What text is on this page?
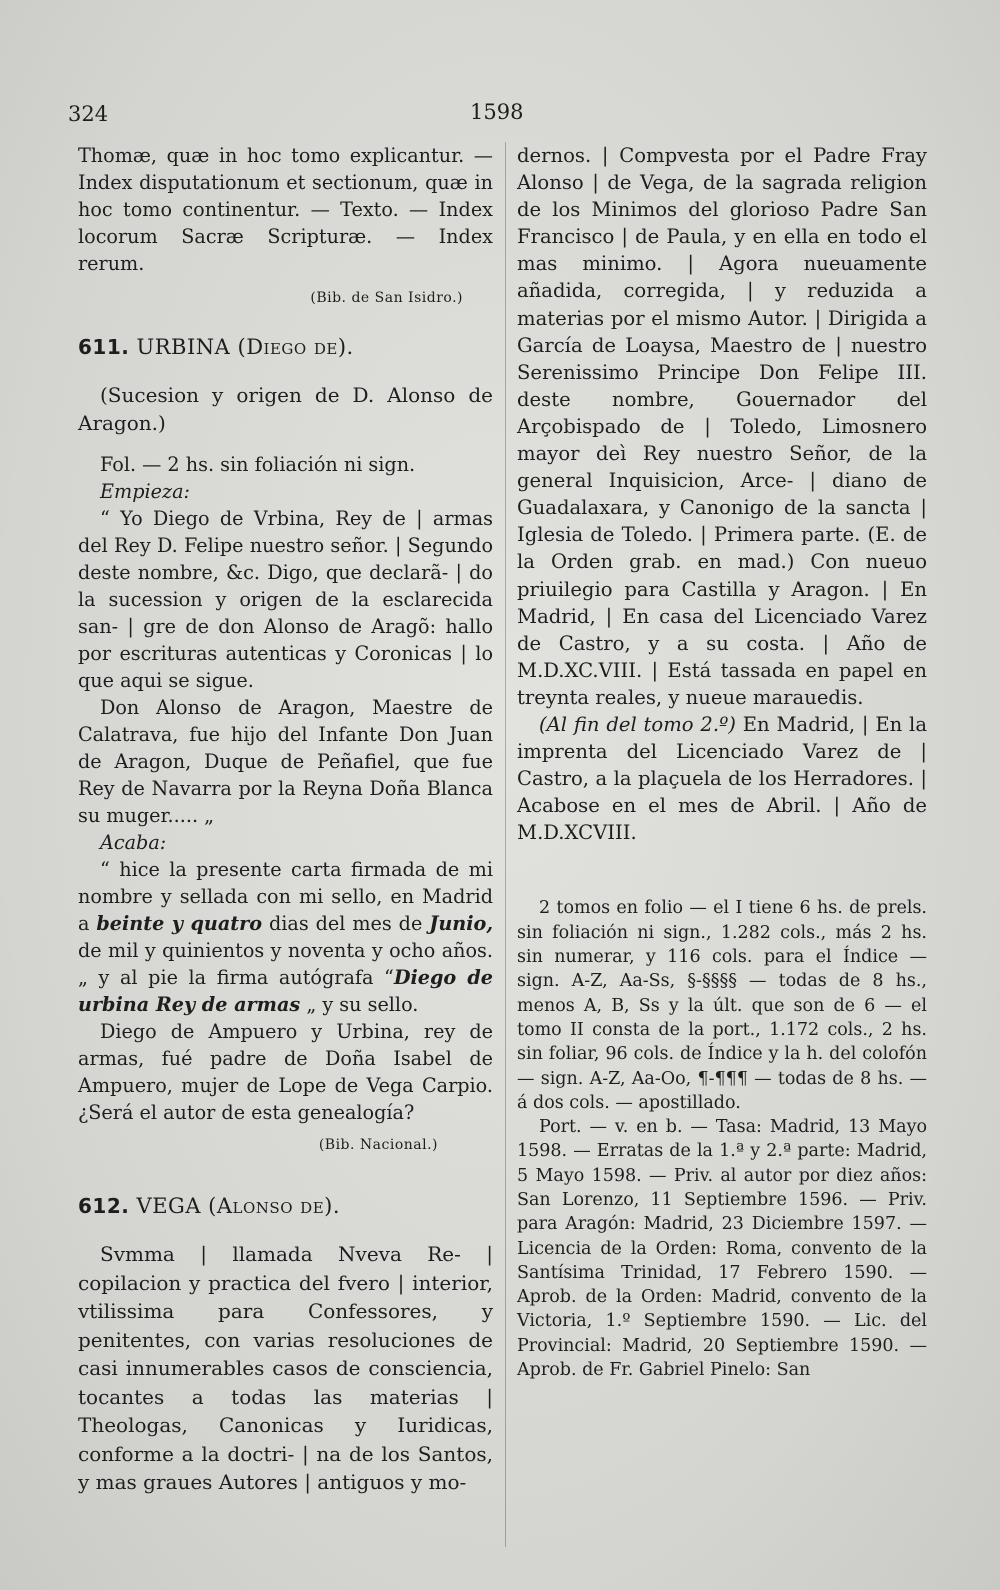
324	1598

Thomæ, quæ in hoc tomo explicantur. — Index disputationum et sectionum, quæ in hoc tomo continentur. — Texto. — Index locorum Sacræ Scripturæ. — Index rerum.

(Bib. de San Isidro.)

611. URBINA (Diego de).

(Sucesion y origen de D. Alonso de Aragon.)

Fol. — 2 hs. sin foliación ni sign.

Empieza:

“ Yo Diego de Vrbina, Rey de | armas del Rey D. Felipe nuestro señor. | Segundo deste nombre, &c. Digo, que declarã- | do la sucession y origen de la esclarecida san- | gre de don Alonso de Aragõ: hallo por escrituras autenticas y Coronicas | lo que aqui se sigue.

Don Alonso de Aragon, Maestre de Calatrava, fue hijo del Infante Don Juan de Aragon, Duque de Peñafiel, que fue Rey de Navarra por la Reyna Doña Blanca su muger..... „

Acaba:

“ hice la presente carta firmada de mi nombre y sellada con mi sello, en Madrid a beinte y quatro dias del mes de Junio, de mil y quinientos y noventa y ocho años. „ y al pie la firma autógrafa “Diego de urbina Rey de armas „ y su sello.

Diego de Ampuero y Urbina, rey de armas, fué padre de Doña Isabel de Ampuero, mujer de Lope de Vega Carpio. ¿Será el autor de esta genealogía?

(Bib. Nacional.)

612. VEGA (Alonso de).

Svmma | llamada Nveva Re- | copilacion y practica del fvero | interior, vtilissima para Confessores, y penitentes, con varias resoluciones de casi innumerables casos de consciencia, tocantes a todas las materias | Theologas, Canonicas y Iuridicas, conforme a la doctri- | na de los Santos, y mas graues Autores | antiguos y mo-

dernos. | Compvesta por el Padre Fray Alonso | de Vega, de la sagrada religion de los Minimos del glorioso Padre San Francisco | de Paula, y en ella en todo el mas minimo. | Agora nueuamente añadida, corregida, | y reduzida a materias por el mismo Autor. | Dirigida a García de Loaysa, Maestro de | nuestro Serenissimo Principe Don Felipe III. deste nombre, Gouernador del Arçobispado de | Toledo, Limosnero mayor deì Rey nuestro Señor, de la general Inquisicion, Arce- | diano de Guadalaxara, y Canonigo de la sancta | Iglesia de Toledo. | Primera parte. (E. de la Orden grab. en mad.) Con nueuo priuilegio para Castilla y Aragon. | En Madrid, | En casa del Licenciado Varez de Castro, y a su costa. | Año de M.D.XC.VIII. | Está tassada en papel en treynta reales, y nueue marauedis.

(Al fin del tomo 2.º) En Madrid, | En la imprenta del Licenciado Varez de | Castro, a la plaçuela de los Herradores. | Acabose en el mes de Abril. | Año de M.D.XCVIII.

2 tomos en folio — el I tiene 6 hs. de prels. sin foliación ni sign., 1.282 cols., más 2 hs. sin numerar, y 116 cols. para el Índice — sign. A-Z, Aa-Ss, §-§§§§ — todas de 8 hs., menos A, B, Ss y la últ. que son de 6 — el tomo II consta de la port., 1.172 cols., 2 hs. sin foliar, 96 cols. de Índice y la h. del colofón — sign. A-Z, Aa-Oo, ¶-¶¶¶ — todas de 8 hs. — á dos cols. — apostillado.

Port. — v. en b. — Tasa: Madrid, 13 Mayo 1598. — Erratas de la 1.ª y 2.ª parte: Madrid, 5 Mayo 1598. — Priv. al autor por diez años: San Lorenzo, 11 Septiembre 1596. — Priv. para Aragón: Madrid, 23 Diciembre 1597. — Licencia de la Orden: Roma, convento de la Santísima Trinidad, 17 Febrero 1590. — Aprob. de la Orden: Madrid, convento de la Victoria, 1.º Septiembre 1590. — Lic. del Provincial: Madrid, 20 Septiembre 1590. — Aprob. de Fr. Gabriel Pinelo: San
